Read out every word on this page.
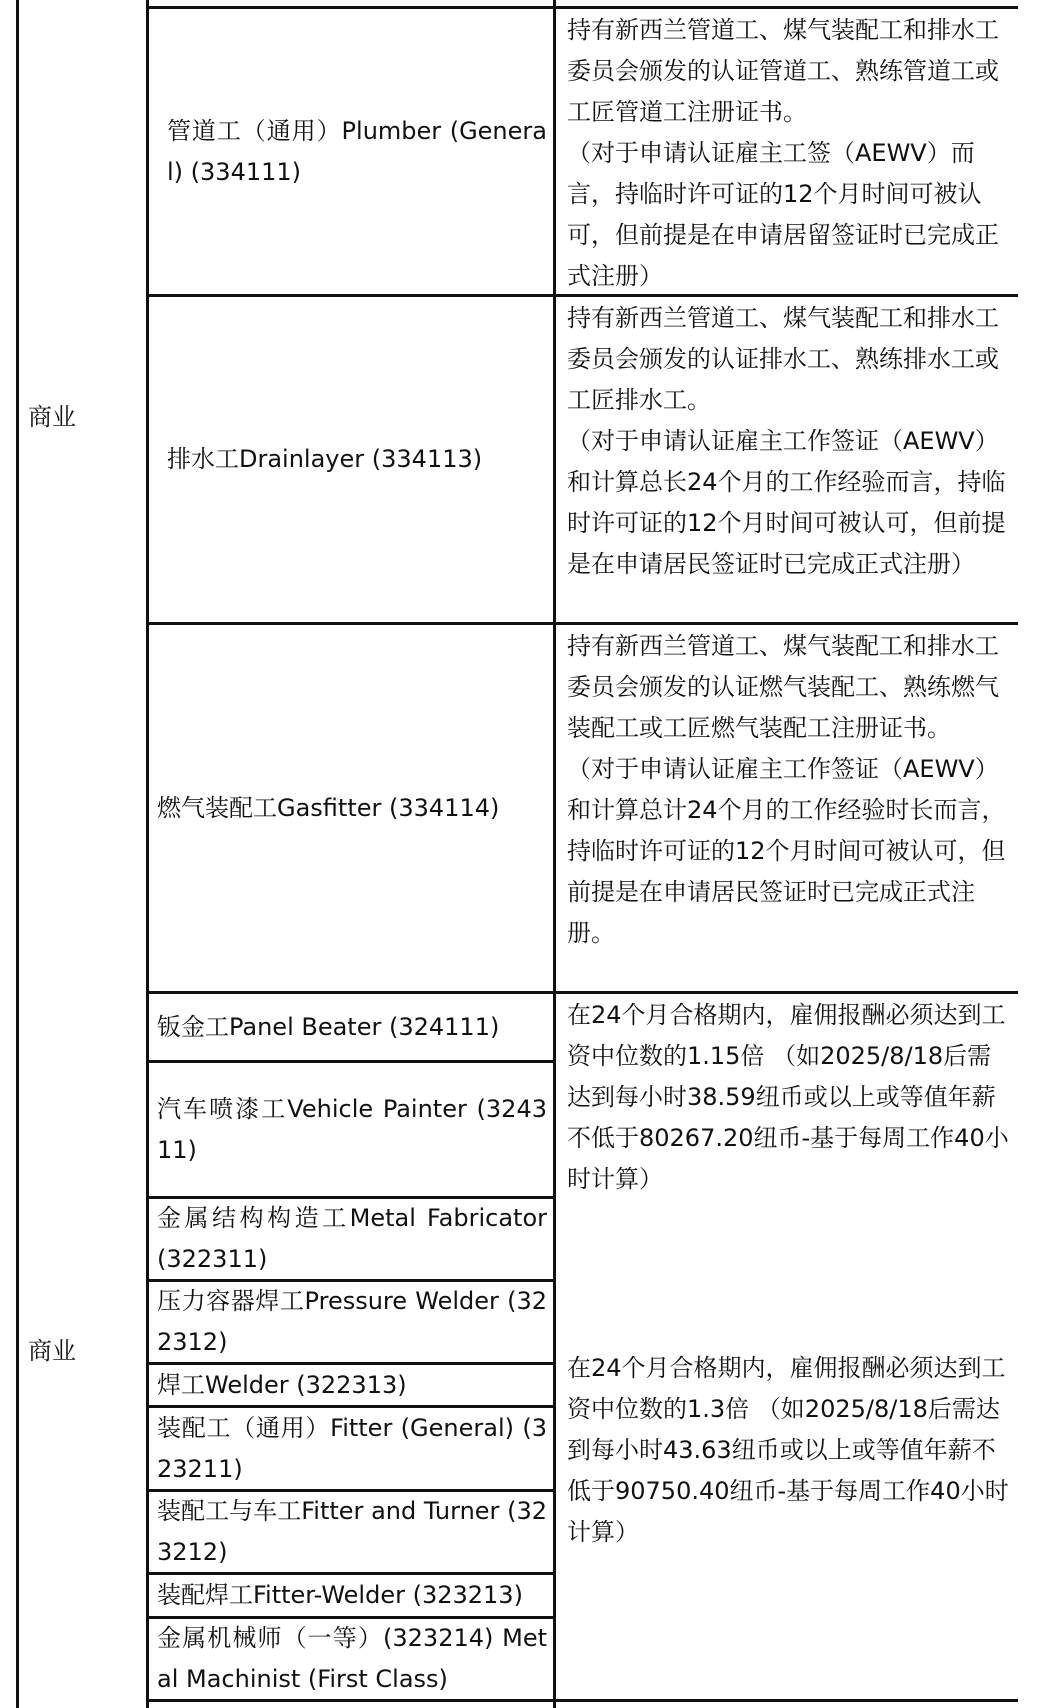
商业
商业
管道工（通用）Plumber (General) (334111)
排水工Drainlayer (334113)
燃气装配工Gasfitter (334114)
钣金工Panel Beater (324111)
汽车喷漆工Vehicle Painter (324311)
金属结构构造工Metal Fabricator (322311)
压力容器焊工Pressure Welder (322312)
焊工Welder (322313)
装配工（通用）Fitter (General) (323211)
装配工与车工Fitter and Turner (323212)
装配焊工Fitter-Welder (323213)
金属机械师（一等）(323214) Metal Machinist (First Class)

持有新西兰管道工、煤气装配工和排水工委员会颁发的认证管道工、熟练管道工或工匠管道工注册证书。

（对于申请认证雇主工签（AEWV）而言，持临时许可证的12个月时间可被认可，但前提是在申请居留签证时已完成正式注册）

持有新西兰管道工、煤气装配工和排水工委员会颁发的认证排水工、熟练排水工或工匠排水工。

（对于申请认证雇主工作签证（AEWV）和计算总长24个月的工作经验而言，持临时许可证的12个月时间可被认可，但前提是在申请居民签证时已完成正式注册）

持有新西兰管道工、煤气装配工和排水工委员会颁发的认证燃气装配工、熟练燃气装配工或工匠燃气装配工注册证书。

（对于申请认证雇主工作签证（AEWV）和计算总计24个月的工作经验时长而言，持临时许可证的12个月时间可被认可，但前提是在申请居民签证时已完成正式注册。

在24个月合格期内，雇佣报酬必须达到工资中位数的1.15倍 （如2025/8/18后需达到每小时38.59纽币或以上或等值年薪不低于80267.20纽币-基于每周工作40小时计算）
在24个月合格期内，雇佣报酬必须达到工资中位数的1.3倍 （如2025/8/18后需达到每小时43.63纽币或以上或等值年薪不低于90750.40纽币-基于每周工作40小时计算）
